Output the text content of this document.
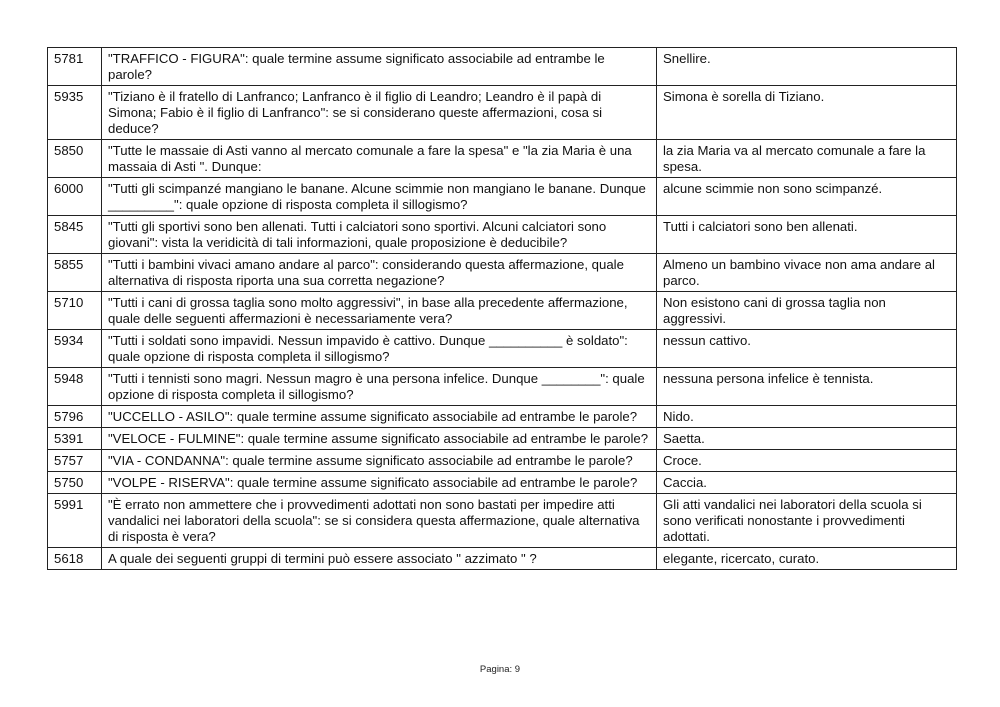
5781	"TRAFFICO - FIGURA": quale termine assume significato associabile ad entrambe le parole?	Snellire.
5935	"Tiziano è il fratello di Lanfranco; Lanfranco è il figlio di Leandro; Leandro è il papà di Simona; Fabio è il figlio di Lanfranco": se si considerano queste affermazioni, cosa si deduce?	Simona è sorella di Tiziano.
5850	"Tutte le massaie di Asti vanno al mercato comunale a fare la spesa" e "la zia Maria è una massaia di Asti ". Dunque:	la zia Maria va al mercato comunale a fare la spesa.
6000	"Tutti gli scimpanzé mangiano le banane. Alcune scimmie non mangiano le banane. Dunque _________": quale opzione di risposta completa il sillogismo?	alcune scimmie non sono scimpanzé.
5845	"Tutti gli sportivi sono ben allenati. Tutti i calciatori sono sportivi. Alcuni calciatori sono giovani": vista la veridicità di tali informazioni, quale proposizione è deducibile?	Tutti i calciatori sono ben allenati.
5855	"Tutti i bambini vivaci amano andare al parco": considerando questa affermazione, quale alternativa di risposta riporta una sua corretta negazione?	Almeno un bambino vivace non ama andare al parco.
5710	"Tutti i cani di grossa taglia sono molto aggressivi", in base alla precedente affermazione, quale delle seguenti affermazioni è necessariamente vera?	Non esistono cani di grossa taglia non aggressivi.
5934	"Tutti i soldati sono impavidi. Nessun impavido è cattivo. Dunque __________ è soldato": quale opzione di risposta completa il sillogismo?	nessun cattivo.
5948	"Tutti i tennisti sono magri. Nessun magro è una persona infelice. Dunque ________": quale opzione di risposta completa il sillogismo?	nessuna persona infelice è tennista.
5796	"UCCELLO - ASILO": quale termine assume significato associabile ad entrambe le parole?	Nido.
5391	"VELOCE - FULMINE": quale termine assume significato associabile ad entrambe le parole?	Saetta.
5757	"VIA - CONDANNA": quale termine assume significato associabile ad entrambe le parole?	Croce.
5750	"VOLPE - RISERVA": quale termine assume significato associabile ad entrambe le parole?	Caccia.
5991	"È errato non ammettere che i provvedimenti adottati non sono bastati per impedire atti vandalici nei laboratori della scuola": se si considera questa affermazione, quale alternativa di risposta è vera?	Gli atti vandalici nei laboratori della scuola si sono verificati nonostante i provvedimenti adottati.
5618	A quale dei seguenti gruppi di termini può essere associato " azzimato " ?	elegante, ricercato, curato.
Pagina: 9
